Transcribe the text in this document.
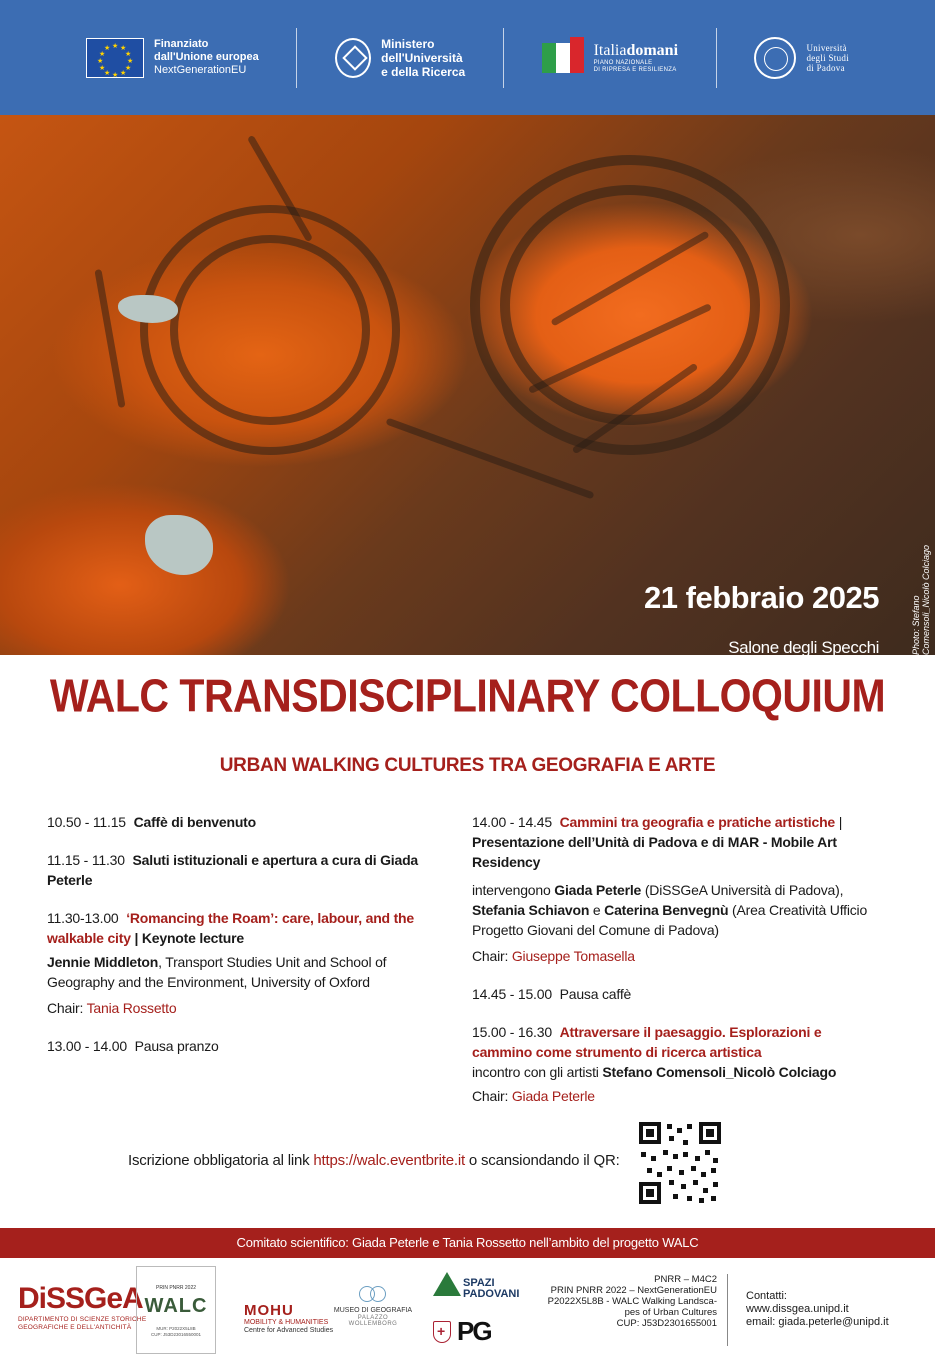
★ ★
★
★
★
★
★
★
★
★
★
★	Finanziato
dall'Unione europea
NextGenerationEU
Ministero
dell'Università
e della Ricerca
Italiadomani
PIANO NAZIONALE
DI RIPRESA E RESILIENZA
Università
degli Studi
di Padova
21 febbraio 2025
Salone degli Specchi	Photo: Stefano Comensoli_Nicolò Colciago
WALC TRANSDISCIPLINARY COLLOQUIUM
URBAN WALKING CULTURES TRA GEOGRAFIA E ARTE
10.50 - 11.15 Caffè di benvenuto
11.15 - 11.30 Saluti istituzionali e apertura a cura di Giada Peterle
11.30-13.00 ‘Romancing the Roam’: care, labour, and the walkable city | Keynote lecture
Jennie Middleton, Transport Studies Unit and School of Geography and the Environment, University of Oxford
Chair: Tania Rossetto
13.00 - 14.00 Pausa pranzo
14.00 - 14.45 Cammini tra geografia e pratiche artistiche | Presentazione dell’Unità di Padova e di MAR - Mobile Art Residency
intervengono Giada Peterle (DiSSGeA Università di Padova), Stefania Schiavon e Caterina Benvegnù (Area Creatività Ufficio Progetto Giovani del Comune di Padova)
Chair: Giuseppe Tomasella
14.45 - 15.00 Pausa caffè
15.00 - 16.30 Attraversare il paesaggio. Esplorazioni e cammino come strumento di ricerca artistica
incontro con gli artisti Stefano Comensoli_Nicolò Colciago
Chair: Giada Peterle
Iscrizione obbligatoria al link https://walc.eventbrite.it o scansiondando il QR:
Comitato scientifico: Giada Peterle e Tania Rossetto nell’ambito del progetto WALC
DiSSGeA
DIPARTIMENTO DI SCIENZE STORICHE
GEOGRAFICHE E DELL'ANTICHITÀ
PRIN PNRR 2022
WALC
MUR: P2022X5L8B
CUP: J53D23016550001
MOHU
MOBILITY & HUMANITIES
Centre for Advanced Studies
MUSEO DI GEOGRAFIA
PALAZZO WOLLEMBORG
SPAZI
PADOVANI
+
PG
PNRR – M4C2
PRIN PNRR 2022 – NextGenerationEU
P2022X5L8B - WALC Walking Landsca-
pes of Urban Cultures
CUP: J53D2301655001
Contatti:
www.dissgea.unipd.it
email: giada.peterle@unipd.it
